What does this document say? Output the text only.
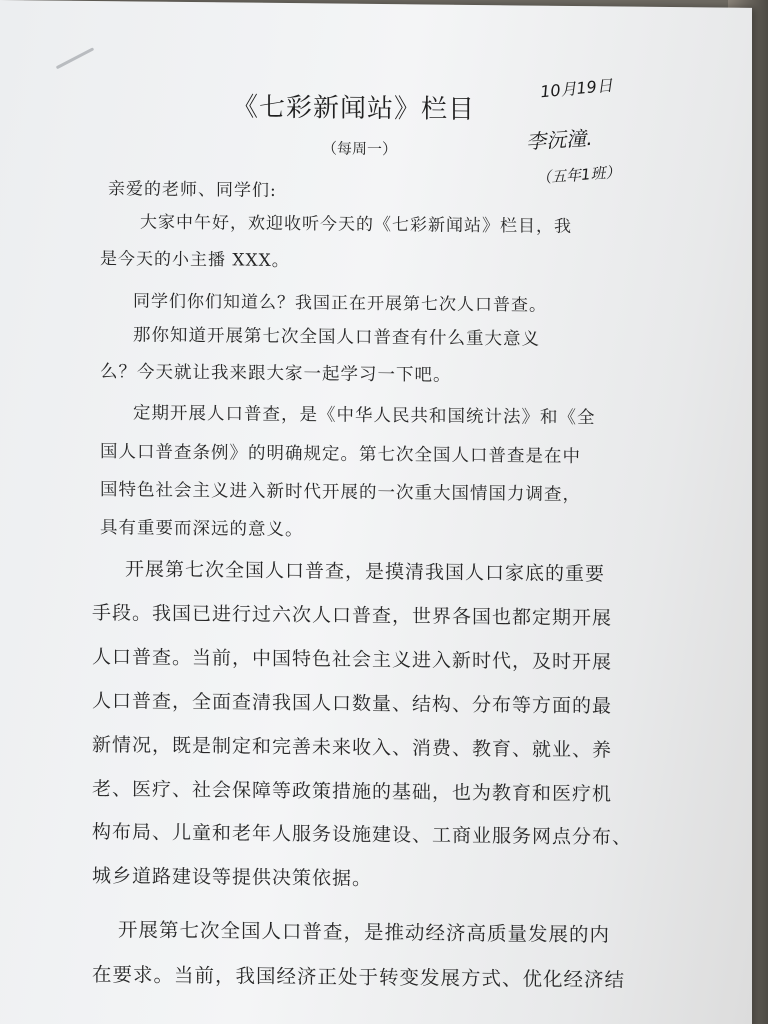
《七彩新闻站》栏目
（每周一）
10月19日
李沅潼.
（五年1班）
亲爱的老师、同学们:
大家中午好，欢迎收听今天的《七彩新闻站》栏目，我
是今天的小主播 XXX。
同学们你们知道么？我国正在开展第七次人口普查。
那你知道开展第七次全国人口普查有什么重大意义
么？今天就让我来跟大家一起学习一下吧。
定期开展人口普查，是《中华人民共和国统计法》和《全
国人口普查条例》的明确规定。第七次全国人口普查是在中
国特色社会主义进入新时代开展的一次重大国情国力调查，
具有重要而深远的意义。
开展第七次全国人口普查，是摸清我国人口家底的重要
手段。我国已进行过六次人口普查，世界各国也都定期开展
人口普查。当前，中国特色社会主义进入新时代，及时开展
人口普查，全面查清我国人口数量、结构、分布等方面的最
新情况，既是制定和完善未来收入、消费、教育、就业、养
老、医疗、社会保障等政策措施的基础，也为教育和医疗机
构布局、儿童和老年人服务设施建设、工商业服务网点分布、
城乡道路建设等提供决策依据。
开展第七次全国人口普查，是推动经济高质量发展的内
在要求。当前，我国经济正处于转变发展方式、优化经济结
